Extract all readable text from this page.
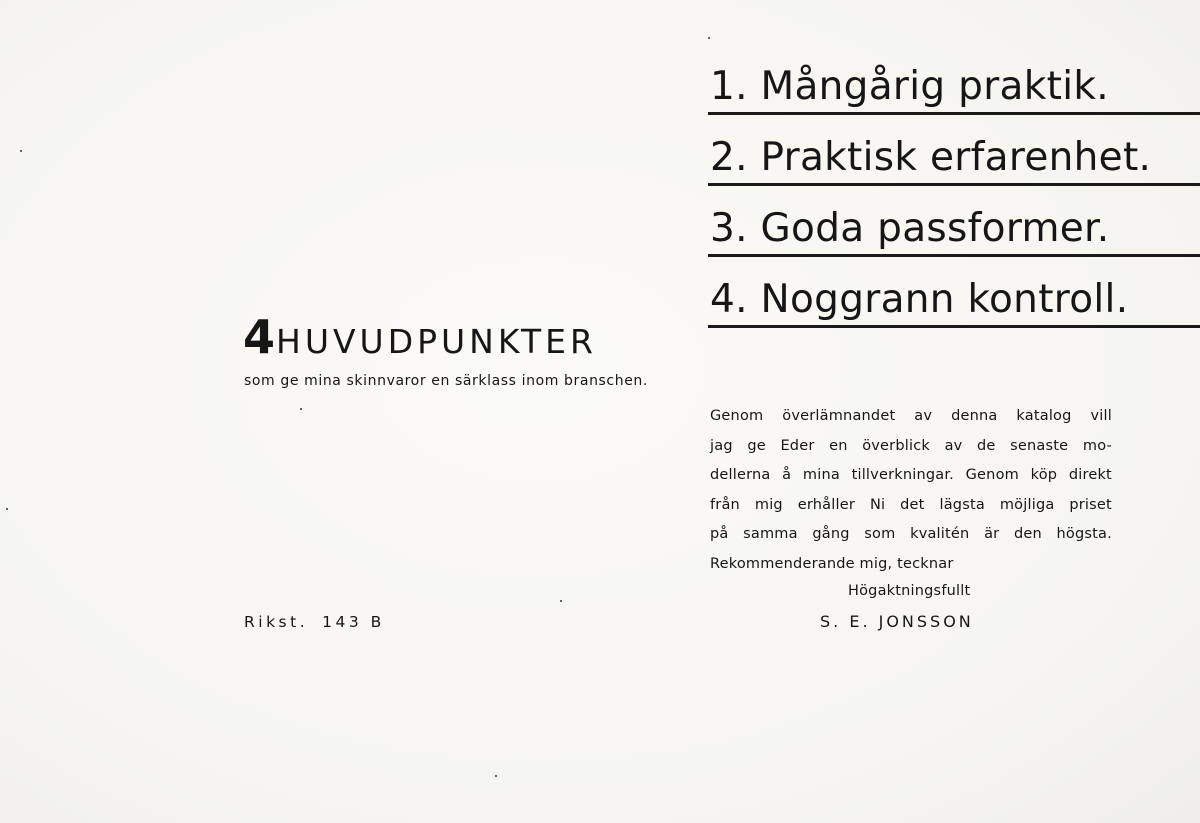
1. Mångårig praktik.
2. Praktisk erfarenhet.
3. Goda passformer.
4. Noggrann kontroll.
4HUVUDPUNKTER
som ge mina skinnvaror en särklass inom branschen.
Genom överlämnandet av denna katalog vill
jag ge Eder en överblick av de senaste mo-
dellerna å mina tillverkningar. Genom köp direkt
från mig erhåller Ni det lägsta möjliga priset
på samma gång som kvalitén är den högsta.
Rekommenderande mig, tecknar
Högaktningsfullt
S. E. JONSSON
Rikst. 143 B
